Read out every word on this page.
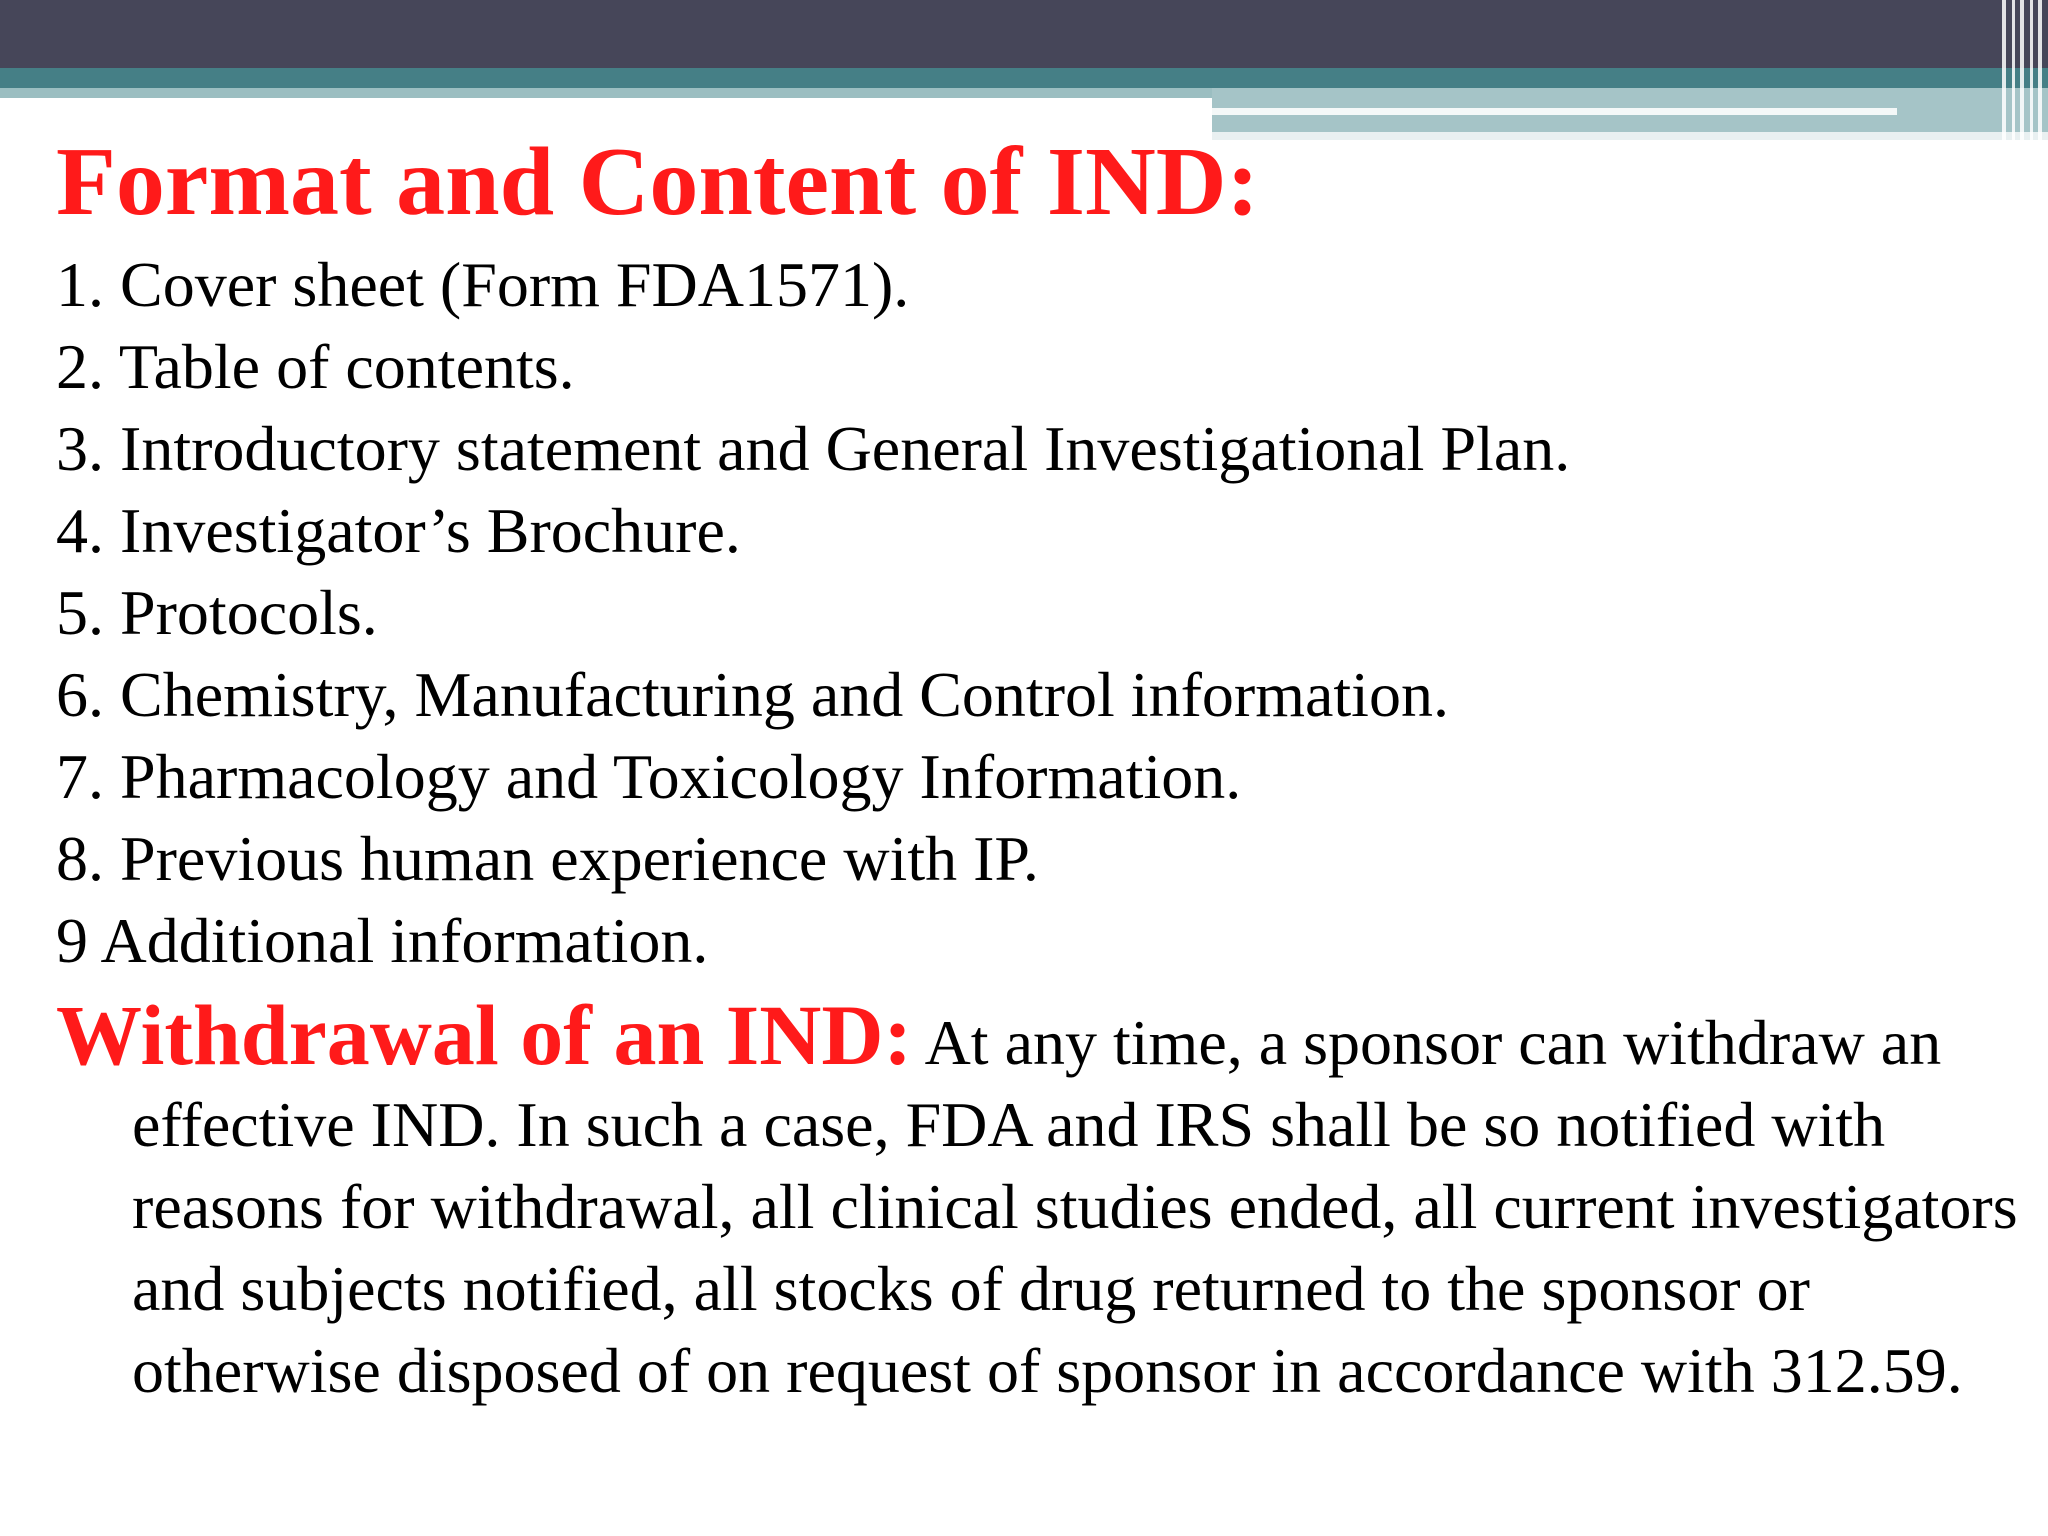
Format and Content of IND:
1. Cover sheet (Form FDA1571).
2. Table of contents.
3. Introductory statement and General Investigational Plan.
4. Investigator’s Brochure.
5. Protocols.
6. Chemistry, Manufacturing and Control information.
7. Pharmacology and Toxicology Information.
8. Previous human experience with IP.
9 Additional information.
Withdrawal of an IND: At any time, a sponsor can withdraw an effective IND. In such a case, FDA and IRS shall be so notified with reasons for withdrawal, all clinical studies ended, all current investigators and subjects notified, all stocks of drug returned to the sponsor or otherwise disposed of on request of sponsor in accordance with 312.59.
